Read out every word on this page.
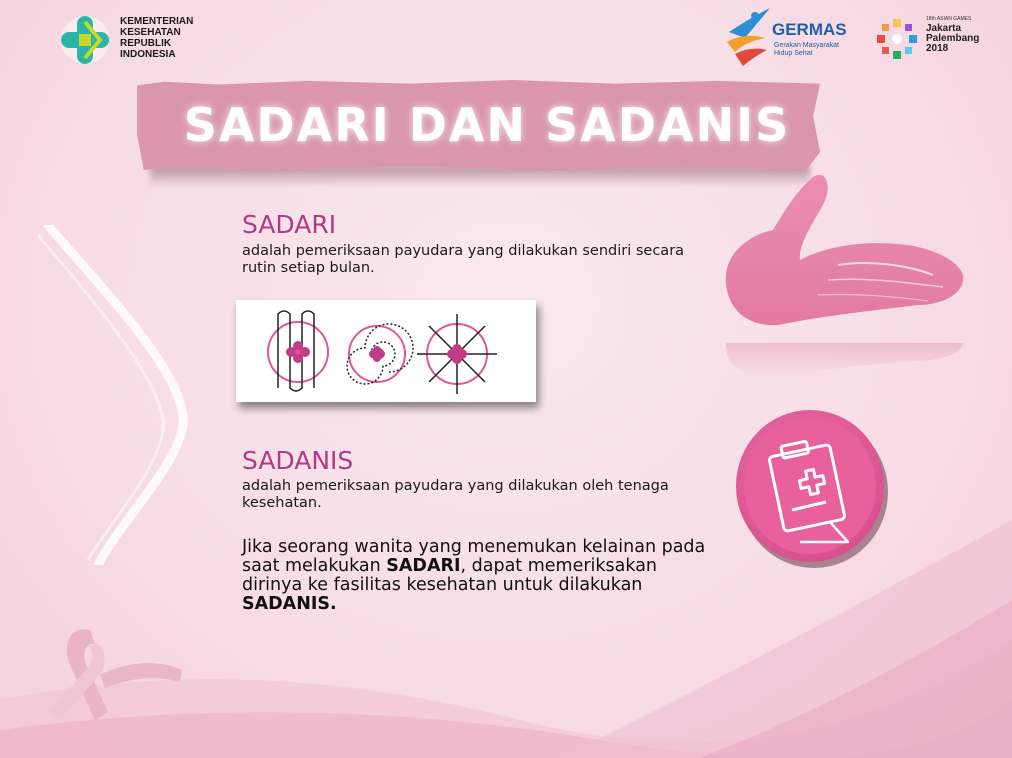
KEMENTERIAN
KESEHATAN
REPUBLIK
INDONESIA
GERMAS
Gerakan Masyarakat
Hidup Sehat
18th ASIAN GAMES
Jakarta
Palembang
2018
SADARI DAN SADANIS
SADARI
adalah pemeriksaan payudara yang dilakukan sendiri secara rutin setiap bulan.
SADANIS
adalah pemeriksaan payudara yang dilakukan oleh tenaga kesehatan.
Jika seorang wanita yang menemukan kelainan pada saat melakukan SADARI, dapat memeriksakan dirinya ke fasilitas kesehatan untuk dilakukan SADANIS.
